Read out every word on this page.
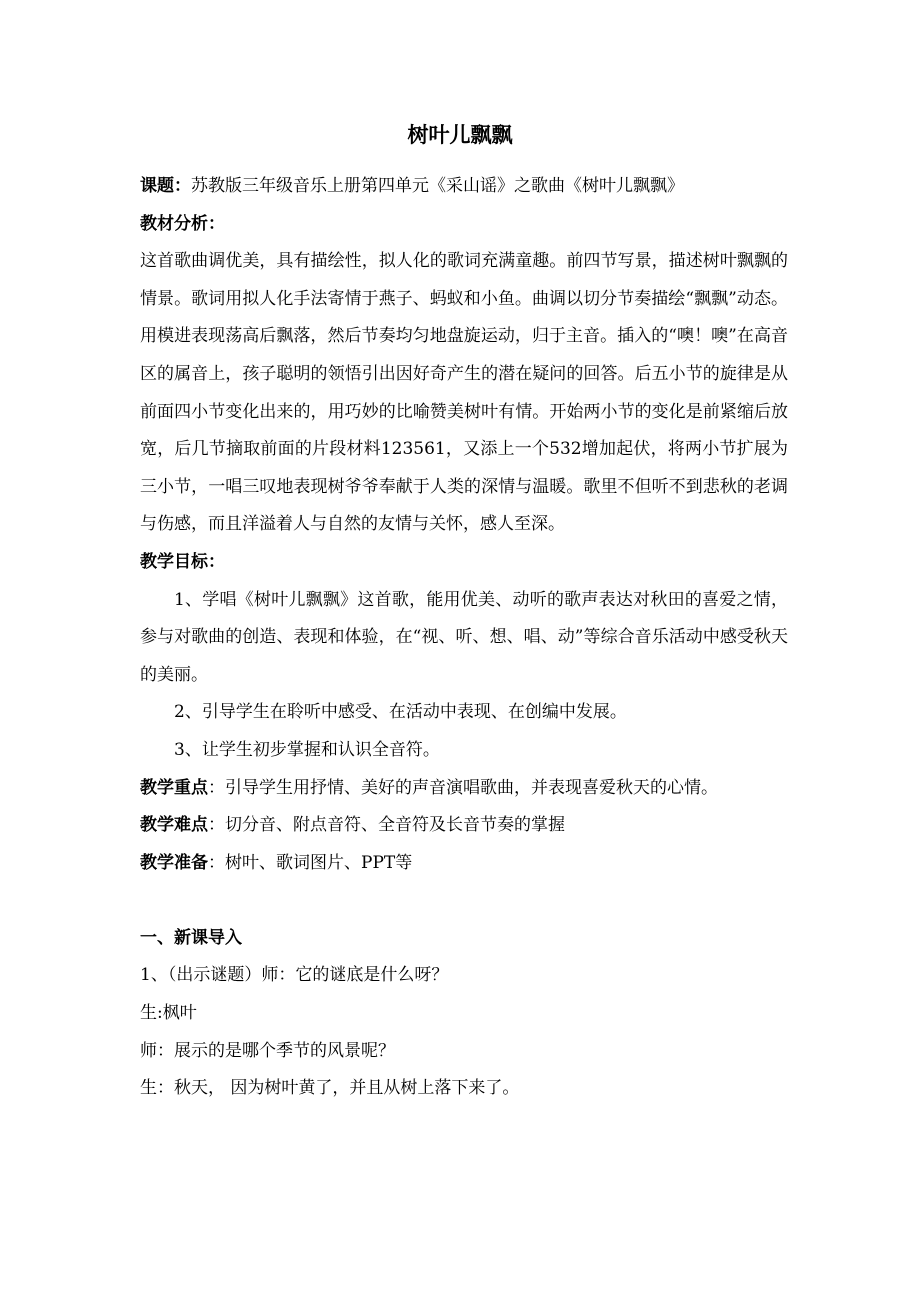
树叶儿飘飘

课题：苏教版三年级音乐上册第四单元《采山谣》之歌曲《树叶儿飘飘》

教材分析：

这首歌曲调优美，具有描绘性，拟人化的歌词充满童趣。前四节写景，描述树叶飘飘的情景。歌词用拟人化手法寄情于燕子、蚂蚁和小鱼。曲调以切分节奏描绘“飘飘”动态。用模进表现荡高后飘落，然后节奏均匀地盘旋运动，归于主音。插入的“噢！噢”在高音区的属音上，孩子聪明的领悟引出因好奇产生的潜在疑问的回答。后五小节的旋律是从前面四小节变化出来的，用巧妙的比喻赞美树叶有情。开始两小节的变化是前紧缩后放宽，后几节摘取前面的片段材料123561，又添上一个532增加起伏，将两小节扩展为三小节，一唱三叹地表现树爷爷奉献于人类的深情与温暖。歌里不但听不到悲秋的老调与伤感，而且洋溢着人与自然的友情与关怀，感人至深。

教学目标：

1、学唱《树叶儿飘飘》这首歌，能用优美、动听的歌声表达对秋田的喜爱之情，参与对歌曲的创造、表现和体验，在“视、听、想、唱、动”等综合音乐活动中感受秋天的美丽。

2、引导学生在聆听中感受、在活动中表现、在创编中发展。

3、让学生初步掌握和认识全音符。

教学重点：引导学生用抒情、美好的声音演唱歌曲，并表现喜爱秋天的心情。

教学难点：切分音、附点音符、全音符及长音节奏的掌握

教学准备：树叶、歌词图片、PPT等

一、新课导入

1、（出示谜题）师：它的谜底是什么呀？

生:枫叶

师：展示的是哪个季节的风景呢？

生：秋天， 因为树叶黄了，并且从树上落下来了。
